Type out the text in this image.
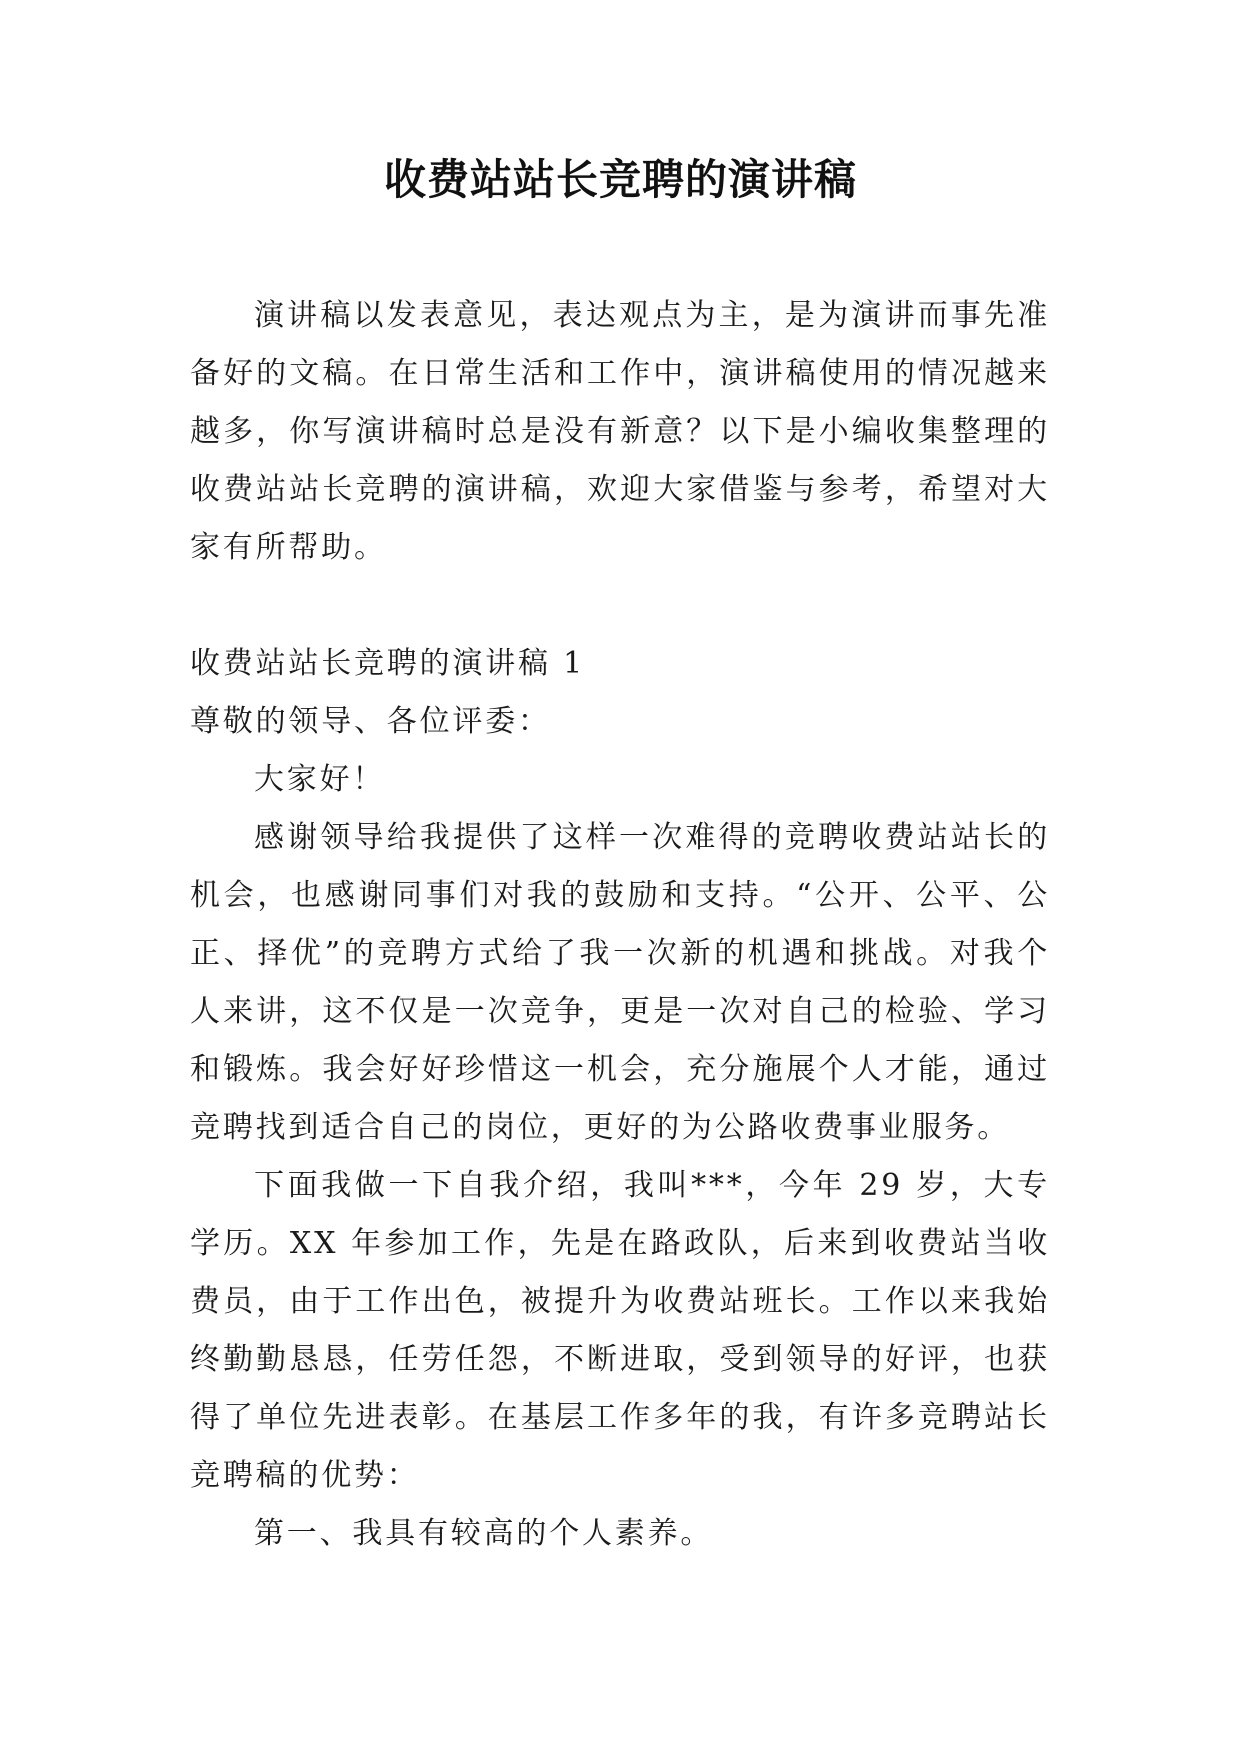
收费站站长竞聘的演讲稿

演讲稿以发表意见，表达观点为主，是为演讲而事先准备好的文稿。在日常生活和工作中，演讲稿使用的情况越来越多，你写演讲稿时总是没有新意？以下是小编收集整理的收费站站长竞聘的演讲稿，欢迎大家借鉴与参考，希望对大家有所帮助。

收费站站长竞聘的演讲稿 1

尊敬的领导、各位评委：

大家好！

感谢领导给我提供了这样一次难得的竞聘收费站站长的机会，也感谢同事们对我的鼓励和支持。“公开、公平、公正、择优”的竞聘方式给了我一次新的机遇和挑战。对我个人来讲，这不仅是一次竞争，更是一次对自己的检验、学习和锻炼。我会好好珍惜这一机会，充分施展个人才能，通过竞聘找到适合自己的岗位，更好的为公路收费事业服务。

下面我做一下自我介绍，我叫***，今年 29 岁，大专学历。XX 年参加工作，先是在路政队，后来到收费站当收费员，由于工作出色，被提升为收费站班长。工作以来我始终勤勤恳恳，任劳任怨，不断进取，受到领导的好评，也获得了单位先进表彰。在基层工作多年的我，有许多竞聘站长竞聘稿的优势：

第一、我具有较高的个人素养。
